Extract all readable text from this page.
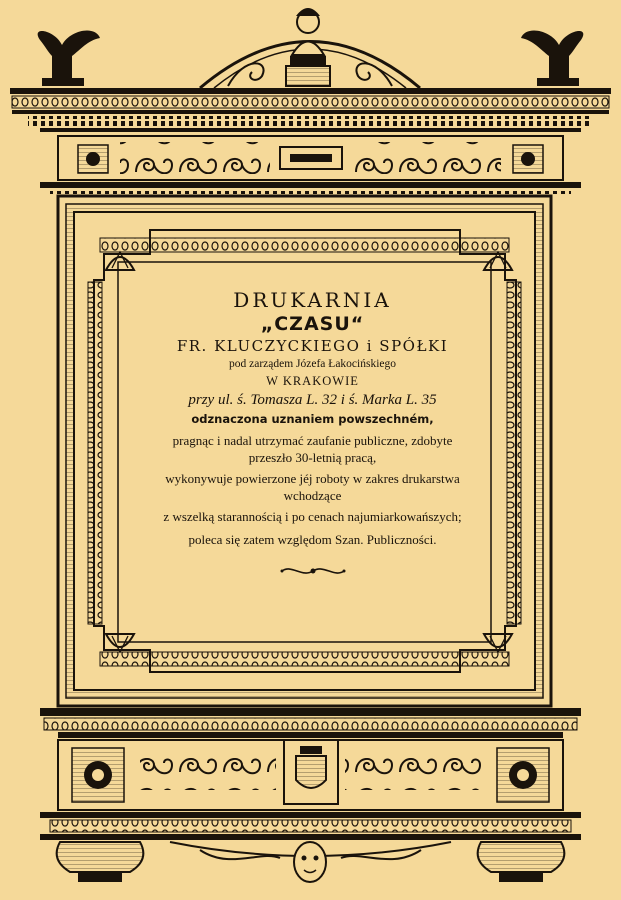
DRUKARNIA
„CZASU“
FR. KLUCZYCKIEGO i SPÓŁKI
pod zarządem Józefa Łakocińskiego
W KRAKOWIE
przy ul. ś. Tomasza L. 32 i ś. Marka L. 35
odznaczona uznaniem powszechném,
pragnąc i nadal utrzymać zaufanie publiczne, zdobyte
przeszło 30-letnią pracą,
wykonywuje powierzone jéj roboty w zakres drukarstwa
wchodzące
z wszelką starannością i po cenach najumiarkowańszych;
poleca się zatem względom Szan. Publiczności.
